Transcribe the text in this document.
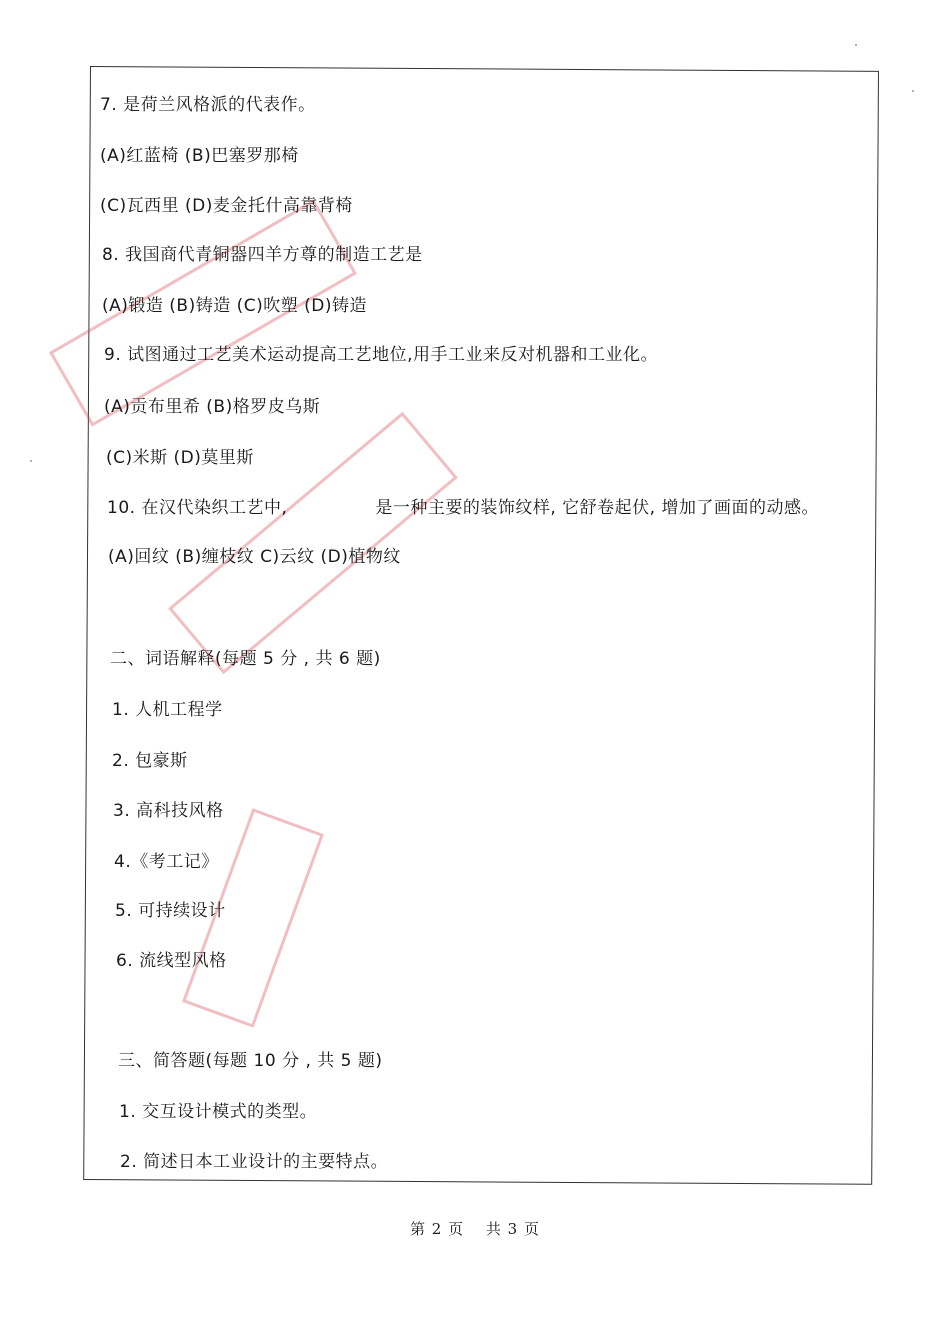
7. 是荷兰风格派的代表作。
(A)红蓝椅 (B)巴塞罗那椅
(C)瓦西里 (D)麦金托什高靠背椅
8. 我国商代青铜器四羊方尊的制造工艺是
(A)锻造 (B)铸造 (C)吹塑 (D)铸造
9. 试图通过工艺美术运动提高工艺地位,用手工业来反对机器和工业化。
(A)贡布里希 (B)格罗皮乌斯
(C)米斯 (D)莫里斯
10. 在汉代染织工艺中,	是一种主要的装饰纹样, 它舒卷起伏, 增加了画面的动感。
(A)回纹 (B)缠枝纹 C)云纹 (D)植物纹
二、词语解释(每题 5 分 , 共 6 题)
1. 人机工程学
2. 包豪斯
3. 高科技风格
4.《考工记》
5. 可持续设计
6. 流线型风格
三、简答题(每题 10 分 , 共 5 题)
1. 交互设计模式的类型。
2. 简述日本工业设计的主要特点。
第 2 页 共 3 页
